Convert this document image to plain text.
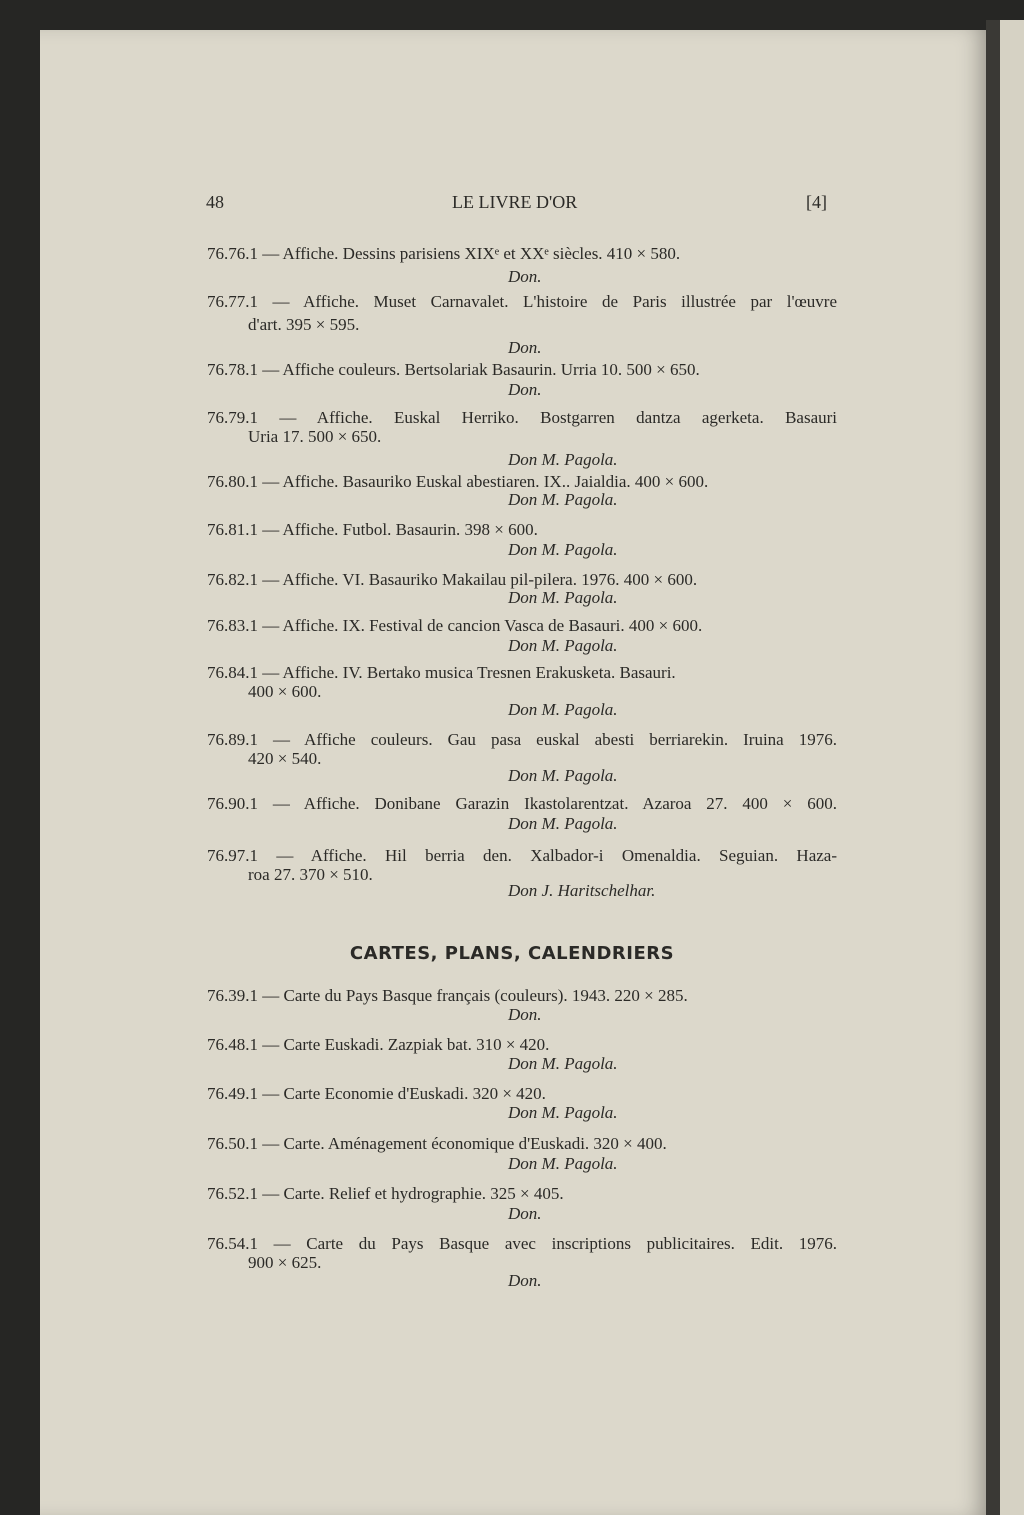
48	LE LIVRE D'OR	[4]
CARTES, PLANS, CALENDRIERS
76.76.1 — Affiche. Dessins parisiens XIXᵉ et XXᵉ siècles. 410 × 580.
Don.
76.77.1 — Affiche. Muset Carnavalet. L'histoire de Paris illustrée par l'œuvre
d'art. 395 × 595.
Don.
76.78.1 — Affiche couleurs. Bertsolariak Basaurin. Urria 10. 500 × 650.
Don.
76.79.1 — Affiche. Euskal Herriko. Bostgarren dantza agerketa. Basauri
Uria 17. 500 × 650.
Don M. Pagola.
76.80.1 — Affiche. Basauriko Euskal abestiaren. IX.. Jaialdia. 400 × 600.
Don M. Pagola.
76.81.1 — Affiche. Futbol. Basaurin. 398 × 600.
Don M. Pagola.
76.82.1 — Affiche. VI. Basauriko Makailau pil-pilera. 1976. 400 × 600.
Don M. Pagola.
76.83.1 — Affiche. IX. Festival de cancion Vasca de Basauri. 400 × 600.
Don M. Pagola.
76.84.1 — Affiche. IV. Bertako musica Tresnen Erakusketa. Basauri.
400 × 600.
Don M. Pagola.
76.89.1 — Affiche couleurs. Gau pasa euskal abesti berriarekin. Iruina 1976.
420 × 540.
Don M. Pagola.
76.90.1 — Affiche. Donibane Garazin Ikastolarentzat. Azaroa 27. 400 × 600.
Don M. Pagola.
76.97.1 — Affiche. Hil berria den. Xalbador-i Omenaldia. Seguian. Haza-
roa 27. 370 × 510.
Don J. Haritschelhar.
76.39.1 — Carte du Pays Basque français (couleurs). 1943. 220 × 285.
Don.
76.48.1 — Carte Euskadi. Zazpiak bat. 310 × 420.
Don M. Pagola.
76.49.1 — Carte Economie d'Euskadi. 320 × 420.
Don M. Pagola.
76.50.1 — Carte. Aménagement économique d'Euskadi. 320 × 400.
Don M. Pagola.
76.52.1 — Carte. Relief et hydrographie. 325 × 405.
Don.
76.54.1 — Carte du Pays Basque avec inscriptions publicitaires. Edit. 1976.
900 × 625.
Don.
